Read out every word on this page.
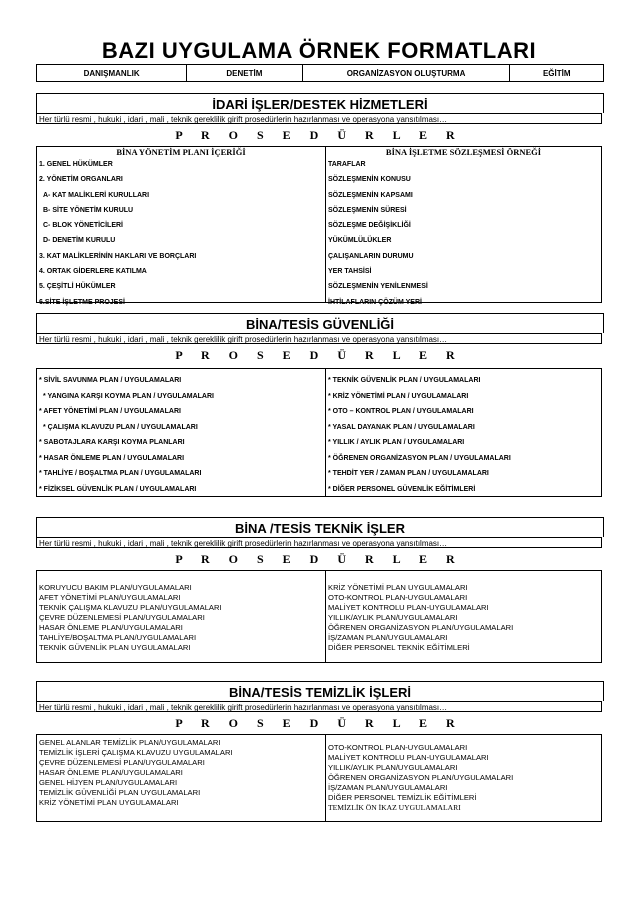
BAZI UYGULAMA ÖRNEK FORMATLARI
DANIŞMANLIK	DENETİM	ORGANİZASYON OLUŞTURMA	EĞİTİM
İDARİ İŞLER/DESTEK HİZMETLERİ
Her türlü resmi , hukuki , idari , mali , teknik gereklilik girift prosedürlerin hazırlanması ve operasyona yansıtılması…
P R O S E D Ü R L E R
BİNA YÖNETİM PLANI İÇERİĞİ
1. GENEL HÜKÜMLER
2. YÖNETİM ORGANLARI
A- KAT MALİKLERİ KURULLARI
B- SİTE YÖNETİM KURULU
C- BLOK YÖNETİCİLERİ
D- DENETİM KURULU
3. KAT MALİKLERİNİN HAKLARI VE BORÇLARI
4. ORTAK GİDERLERE KATILMA
5. ÇEŞİTLİ HÜKÜMLER
6.SİTE İŞLETME PROJESİ
BİNA İŞLETME SÖZLEŞMESİ ÖRNEĞİ
TARAFLAR
SÖZLEŞMENİN KONUSU
SÖZLEŞMENİN KAPSAMI
SÖZLEŞMENİN SÜRESİ
SÖZLEŞME DEĞİŞİKLİĞİ
YÜKÜMLÜLÜKLER
ÇALIŞANLARIN DURUMU
YER TAHSİSİ
SÖZLEŞMENİN YENİLENMESİ
İHTİLAFLARIN ÇÖZÜM YERİ
BİNA/TESİS GÜVENLİĞİ
Her türlü resmi , hukuki , idari , mali , teknik gereklilik girift prosedürlerin hazırlanması ve operasyona yansıtılması…
P R O S E D Ü R L E R
* SİVİL SAVUNMA PLAN / UYGULAMALARI
* YANGINA KARŞI KOYMA PLAN / UYGULAMALARI
* AFET YÖNETİMİ PLAN / UYGULAMALARI
* ÇALIŞMA KLAVUZU PLAN / UYGULAMALARI
* SABOTAJLARA KARŞI KOYMA PLANLARI
* HASAR ÖNLEME PLAN / UYGULAMALARI
* TAHLİYE / BOŞALTMA PLAN / UYGULAMALARI
* FİZİKSEL GÜVENLİK PLAN / UYGULAMALARI
* TEKNİK GÜVENLİK PLAN / UYGULAMALARI
* KRİZ YÖNETİMİ PLAN / UYGULAMALARI
* OTO – KONTROL PLAN / UYGULAMALARI
* YASAL DAYANAK PLAN / UYGULAMALARI
* YILLIK / AYLIK PLAN / UYGULAMALARI
* ÖĞRENEN ORGANİZASYON PLAN / UYGULAMALARI
* TEHDİT YER / ZAMAN PLAN / UYGULAMALARI
* DİĞER PERSONEL GÜVENLİK EĞİTİMLERİ
BİNA /TESİS TEKNİK İŞLER
Her türlü resmi , hukuki , idari , mali , teknik gereklilik girift prosedürlerin hazırlanması ve operasyona yansıtılması…
P R O S E D Ü R L E R
KORUYUCU BAKIM PLAN/UYGULAMALARI
AFET YÖNETİMİ PLAN/UYGULAMALARI
TEKNİK ÇALIŞMA KLAVUZU PLAN/UYGULAMALARI
ÇEVRE DÜZENLEMESİ PLAN/UYGULAMALARI
HASAR ÖNLEME PLAN/UYGULAMALARI
TAHLİYE/BOŞALTMA PLAN/UYGULAMALARI
TEKNİK GÜVENLİK PLAN UYGULAMALARI
KRİZ YÖNETİMİ PLAN UYGULAMALARI
OTO-KONTROL PLAN-UYGULAMALARI
MALİYET KONTROLU PLAN-UYGULAMALARI
YILLIK/AYLIK PLAN/UYGULAMALARI
ÖĞRENEN ORGANİZASYON PLAN/UYGULAMALARI
İŞ/ZAMAN PLAN/UYGULAMALARI
DİĞER PERSONEL TEKNİK EĞİTİMLERİ
BİNA/TESİS TEMİZLİK İŞLERİ
Her türlü resmi , hukuki , idari , mali , teknik gereklilik girift prosedürlerin hazırlanması ve operasyona yansıtılması…
P R O S E D Ü R L E R
GENEL ALANLAR TEMİZLİK PLAN/UYGULAMALARI
TEMİZLİK İŞLERİ ÇALIŞMA KLAVUZU UYGULAMALARI
ÇEVRE DÜZENLEMESİ PLAN/UYGULAMALARI
HASAR ÖNLEME PLAN/UYGULAMALARI
GENEL HİJYEN PLAN/UYGULAMALARI
TEMİZLİK GÜVENLİĞİ PLAN UYGULAMALARI
KRİZ YÖNETİMİ PLAN UYGULAMALARI
OTO-KONTROL PLAN-UYGULAMALARI
MALİYET KONTROLU PLAN-UYGULAMALARI
YILLIK/AYLIK PLAN/UYGULAMALARI
ÖĞRENEN ORGANİZASYON PLAN/UYGULAMALARI
İŞ/ZAMAN PLAN/UYGULAMALARI
DİĞER PERSONEL TEMİZLİK EĞİTİMLERİ
TEMİZLİK ÖN İKAZ UYGULAMALARI
